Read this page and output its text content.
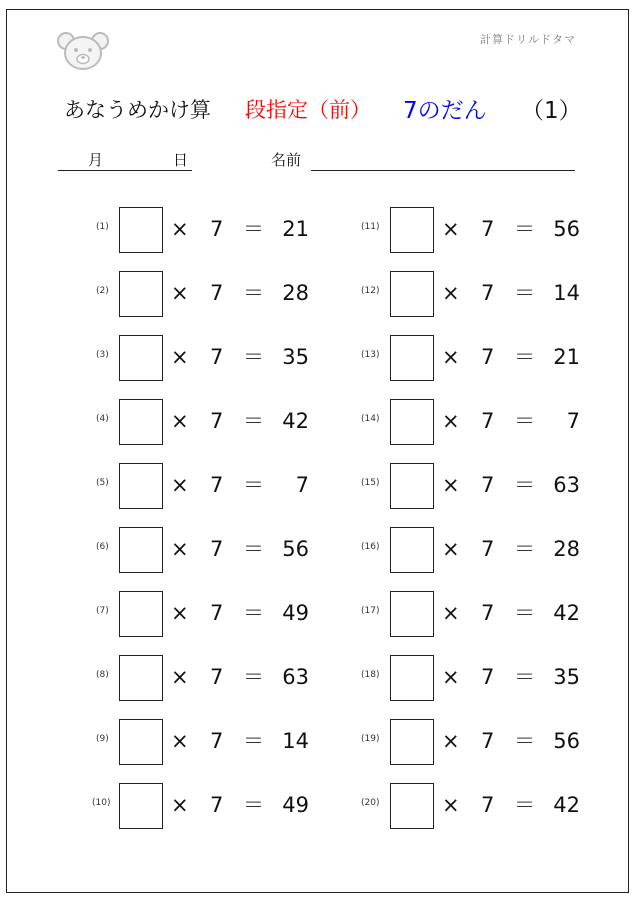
計算ドリルドタマ
あなうめかけ算 段指定（前） 7のだん （1）
月	日	名前
(1)	× 7 ＝ 21
(2)	× 7 ＝ 28
(3)	× 7 ＝ 35
(4)	× 7 ＝ 42
(5)	× 7 ＝	7
(6)	× 7 ＝ 56
(7)	× 7 ＝ 49
(8)	× 7 ＝ 63
(9)	× 7 ＝ 14
(10)	× 7 ＝ 49
(11)	× 7 ＝ 56
(12)	× 7 ＝ 14
(13)	× 7 ＝ 21
(14)	× 7 ＝	7
(15)	× 7 ＝ 63
(16)	× 7 ＝ 28
(17)	× 7 ＝ 42
(18)	× 7 ＝ 35
(19)	× 7 ＝ 56
(20)	× 7 ＝ 42
